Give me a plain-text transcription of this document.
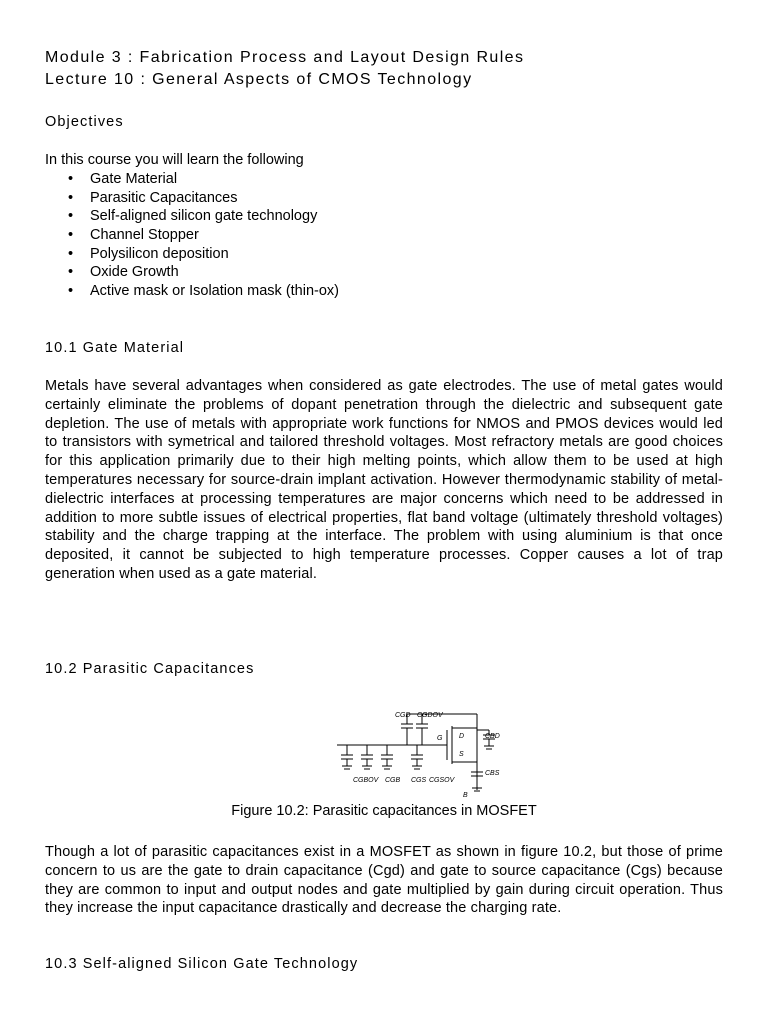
Module 3 : Fabrication Process and Layout Design Rules
Lecture 10 : General Aspects of CMOS Technology
Objectives
In this course you will learn the following
• Gate Material
• Parasitic Capacitances
• Self-aligned silicon gate technology
• Channel Stopper
• Polysilicon deposition
• Oxide Growth
• Active mask or Isolation mask (thin-ox)
10.1 Gate Material

Metals have several advantages when considered as gate electrodes. The use of metal gates would certainly eliminate the problems of dopant penetration through the dielectric and subsequent gate depletion. The use of metals with appropriate work functions for NMOS and PMOS devices would led to transistors with symetrical and tailored threshold voltages. Most refractory metals are good choices for this application primarily due to their high melting points, which allow them to be used at high temperatures necessary for source-drain implant activation. However thermodynamic stability of metal-dielectric interfaces at processing temperatures are major concerns which need to be addressed in addition to more subtle issues of electrical properties, flat band voltage (ultimately threshold voltages) stability and the charge trapping at the interface. The problem with using aluminium is that once deposited, it cannot be subjected to high temperature processes. Copper causes a lot of trap generation when used as a gate material.

10.2 Parasitic Capacitances
CGD CGDOV
G D	CBD
S
CBS
CGBOV CGB CGS CGSOV
B
Figure 10.2: Parasitic capacitances in MOSFET

Though a lot of parasitic capacitances exist in a MOSFET as shown in figure 10.2, but those of prime concern to us are the gate to drain capacitance (Cgd) and gate to source capacitance (Cgs) because they are common to input and output nodes and gate multiplied by gain during circuit operation. Thus they increase the input capacitance drastically and decrease the charging rate.

10.3 Self-aligned Silicon Gate Technology
